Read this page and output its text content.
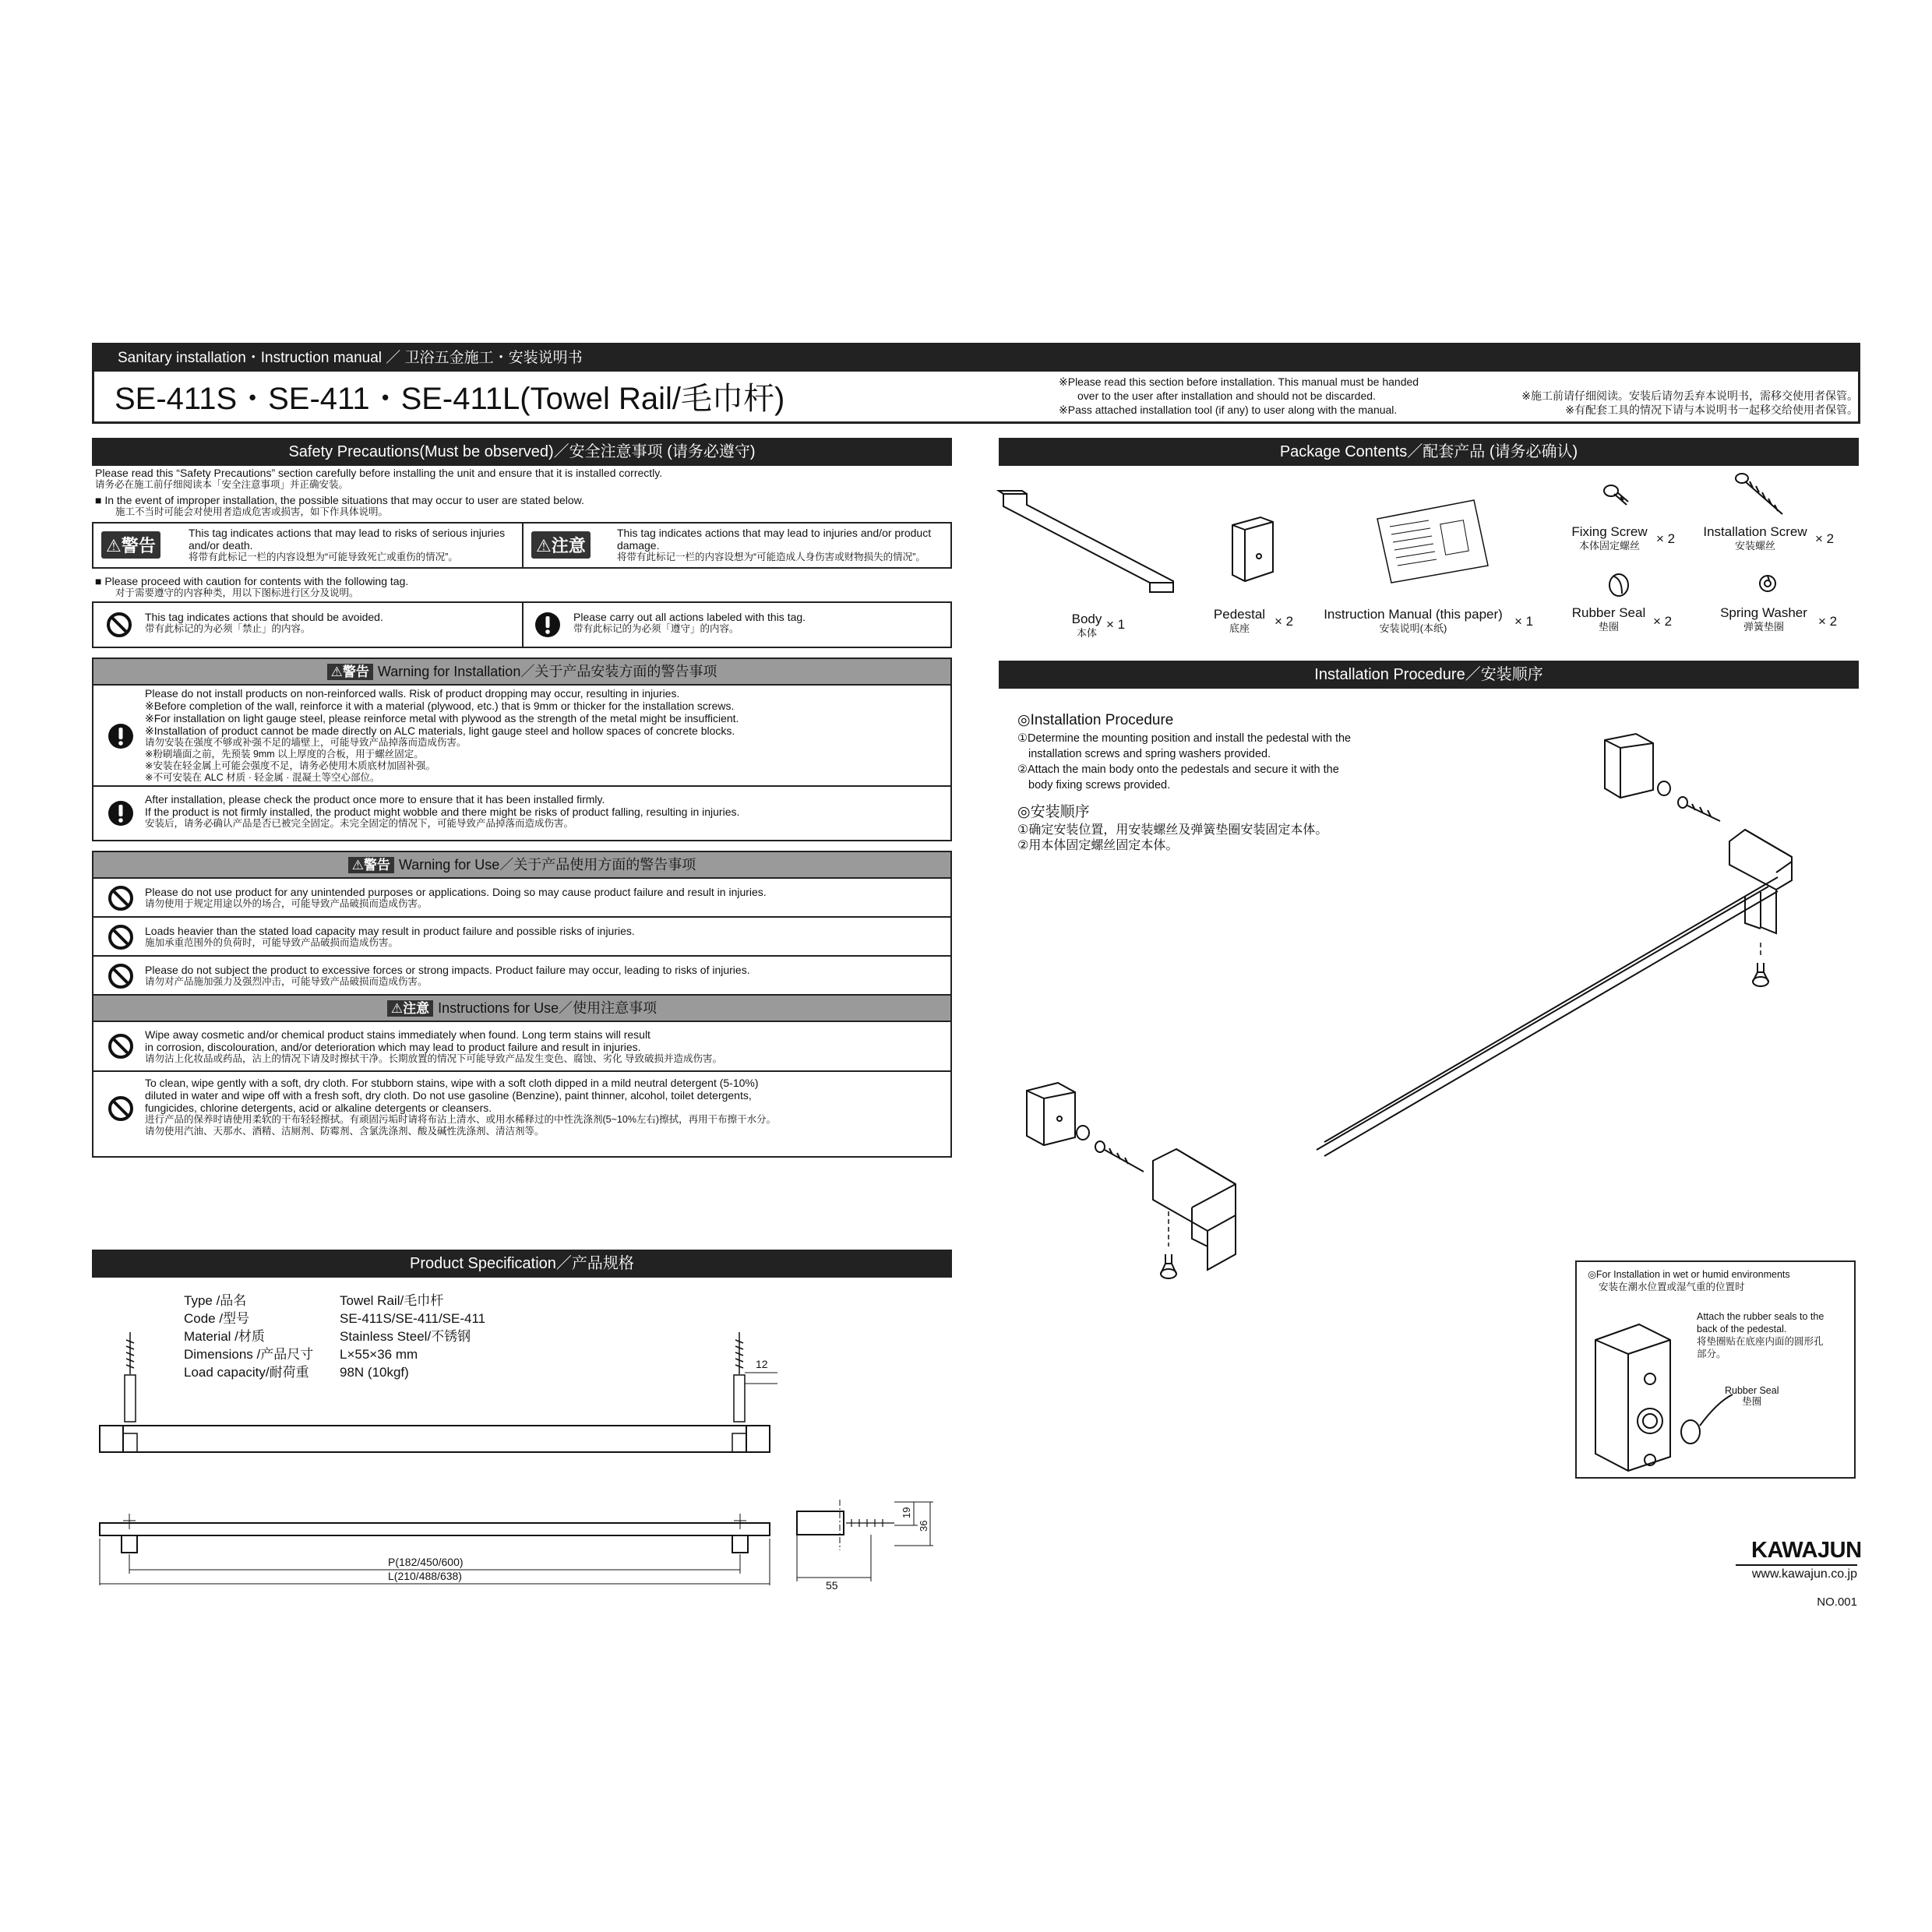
Sanitary installation・Instruction manual ／ 卫浴五金施工・安装说明书
SE-411S・SE-411・SE-411L(Towel Rail/毛巾杆)	※Please read this section before installation. This manual must be handed
over to the user after installation and should not be discarded.
※Pass attached installation tool (if any) to user along with the manual.
※施工前请仔细阅读。安装后请勿丢弃本说明书，需移交使用者保管。
※有配套工具的情况下请与本说明书一起移交给使用者保管。
Safety Precautions(Must be observed)／安全注意事项 (请务必遵守)
Please read this “Safety Precautions” section carefully before installing the unit and ensure that it is installed correctly.
请务必在施工前仔细阅读本「安全注意事项」并正确安装。
■ In the event of improper installation, the possible situations that may occur to user are stated below.
施工不当时可能会对使用者造成危害或损害，如下作具体说明。
⚠警告
This tag indicates actions that may lead to risks of serious injuries and/or death.
将带有此标记一栏的内容设想为“可能导致死亡或重伤的情况”。
⚠注意
This tag indicates actions that may lead to injuries and/or product damage.
将带有此标记一栏的内容设想为“可能造成人身伤害或财物损失的情况”。
■ Please proceed with caution for contents with the following tag.
对于需要遵守的内容种类，用以下图标进行区分及说明。
This tag indicates actions that should be avoided.
带有此标记的为必须「禁止」的内容。
Please carry out all actions labeled with this tag.
带有此标记的为必须「遵守」的内容。
⚠警告 Warning for Installation／关于产品安装方面的警告事项
Please do not install products on non-reinforced walls. Risk of product dropping may occur, resulting in injuries.
※Before completion of the wall, reinforce it with a material (plywood, etc.) that is 9mm or thicker for the installation screws.
※For installation on light gauge steel, please reinforce metal with plywood as the strength of the metal might be insufficient.
※Installation of product cannot be made directly on ALC materials, light gauge steel and hollow spaces of concrete blocks.
请勿安装在强度不够或补强不足的墙壁上，可能导致产品掉落而造成伤害。
※粉刷墙面之前，先预装 9mm 以上厚度的合板，用于螺丝固定。
※安装在轻金属上可能会强度不足，请务必使用木质底材加固补强。
※不可安装在 ALC 材质 · 轻金属 · 混凝土等空心部位。
After installation, please check the product once more to ensure that it has been installed firmly.
If the product is not firmly installed, the product might wobble and there might be risks of product falling, resulting in injuries.
安装后，请务必确认产品是否已被完全固定。未完全固定的情况下，可能导致产品掉落而造成伤害。
⚠警告 Warning for Use／关于产品使用方面的警告事项
Please do not use product for any unintended purposes or applications. Doing so may cause product failure and result in injuries.
请勿使用于规定用途以外的场合，可能导致产品破损而造成伤害。
Loads heavier than the stated load capacity may result in product failure and possible risks of injuries.
施加承重范围外的负荷时，可能导致产品破损而造成伤害。
Please do not subject the product to excessive forces or strong impacts. Product failure may occur, leading to risks of injuries.
请勿对产品施加强力及强烈冲击，可能导致产品破损而造成伤害。
⚠注意 Instructions for Use／使用注意事项
Wipe away cosmetic and/or chemical product stains immediately when found. Long term stains will result
in corrosion, discolouration, and/or deterioration which may lead to product failure and result in injuries.
请勿沾上化妆品或药品，沾上的情况下请及时擦拭干净。长期放置的情况下可能导致产品发生变色、腐蚀、劣化 导致破损并造成伤害。
To clean, wipe gently with a soft, dry cloth. For stubborn stains, wipe with a soft cloth dipped in a mild neutral detergent (5-10%)
diluted in water and wipe off with a fresh soft, dry cloth. Do not use gasoline (Benzine), paint thinner, alcohol, toilet detergents,
fungicides, chlorine detergents, acid or alkaline detergents or cleansers.
进行产品的保养时请使用柔软的干布轻轻擦拭。有顽固污垢时请将布沾上清水、或用水稀释过的中性洗涤剂(5~10%左右)擦拭，再用干布擦干水分。
请勿使用汽油、天那水、酒精、洁厕剂、防霉剂、含氯洗涤剂、酸及碱性洗涤剂、清洁剂等。
Product Specification／产品规格
Type /品名	Towel Rail/毛巾杆
Code /型号	SE-411S/SE-411/SE-411
Material /材质	Stainless Steel/不锈钢
Dimensions /产品尺寸	L×55×36 mm
Load capacity/耐荷重	98N (10kgf)
12
P(182/450/600)
L(210/488/638)
55
19
36
Package Contents／配套产品 (请务必确认)
Body
本体
× 1
Pedestal
底座	× 2	Instruction Manual (this paper)
安装说明(本纸)	× 1
Fixing Screw
本体固定螺丝	× 2	Installation Screw
安装螺丝	× 2
Rubber Seal
垫圈	× 2
Spring Washer
弹簧垫圈	× 2
Installation Procedure／安装顺序
◎Installation Procedure
①Determine the mounting position and install the pedestal with the
installation screws and spring washers provided.
②Attach the main body onto the pedestals and secure it with the
body fixing screws provided.
◎安装顺序
①确定安装位置，用安装螺丝及弹簧垫圈安装固定本体。
②用本体固定螺丝固定本体。
◎For Installation in wet or humid environments
安装在潮水位置或湿气重的位置时
Attach the rubber seals to the
back of the pedestal.
将垫圈贴在底座内面的圆形孔
部分。
Rubber Seal
垫圈
KAWAJUN
www.kawajun.co.jp
NO.001
